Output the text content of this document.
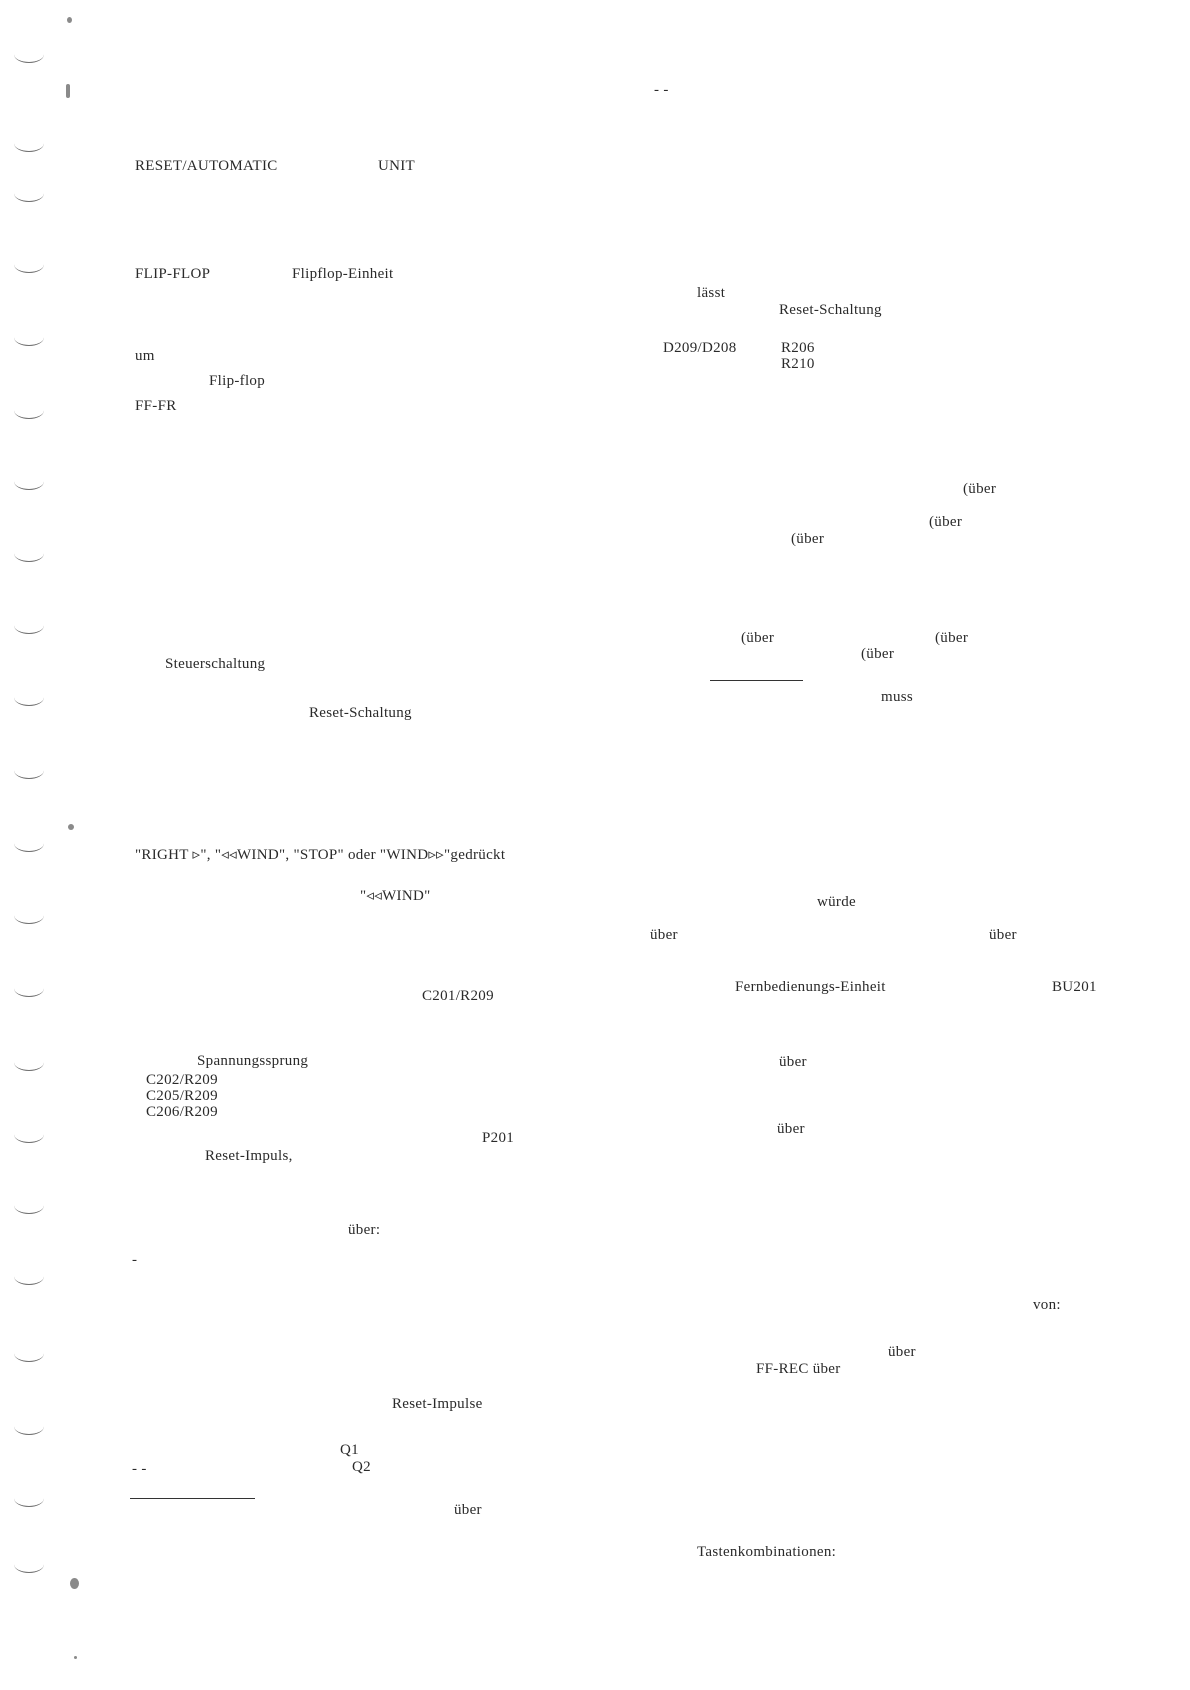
- -
RESET/AUTOMATIC	UNIT
FLIP-FLOP	Flipflop-Einheit
um
Flip-flop
FF-FR
Steuerschaltung
Reset-Schaltung
"RIGHT ▹", "◃◃WIND", "STOP" oder "WIND▹▹"gedrückt
"◃◃WIND"
C201/R209
Spannungssprung
C202/R209
C205/R209
C206/R209
P201
Reset-Impuls,
über:
-
Reset-Impulse
Q1
Q2
- -
über
lässt
Reset-Schaltung
D209/D208	R206
R210
(über
(über
(über
(über	(über
(über
muss
würde
über	über
Fernbedienungs-Einheit	BU201
über
über
von:
über
FF-REC über
Tastenkombinationen:
